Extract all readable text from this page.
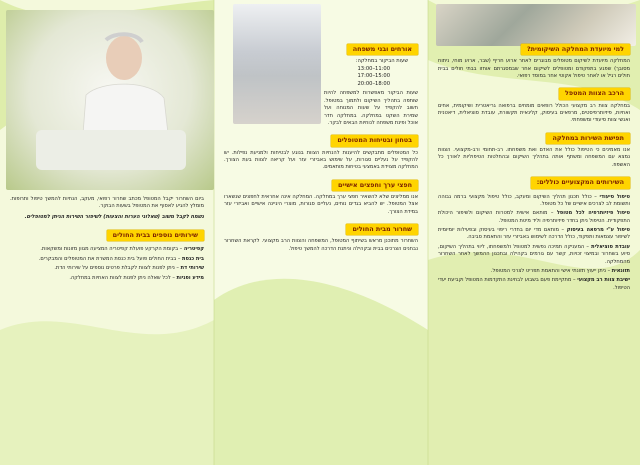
למי מיועדת המחלקה השיקומית?
המחלקה מיועדת לשיקום מטופלים מבוגרים לאחר ארוע חריף (שבר, ארוע מוחי, ניתוח מסובך) שפגע בתפקודם ומטופלים לשיקום אחר שבמסגרתם אוחזו בבתי חולים בבית חולים רגיל או לאחר טיפול אקוטי אחר במוסד רפואי.
הרכב הצוות המטפל
במחלקה צוות רב מקצועי הכולל רופאים מומחים ברפואה גריאטרית ושיקומית, אחים ואחיות, פיזיותרפיסטים, מרפאים בעיסוק, קלינאית תקשורת, עובדת סוציאלית, דיאטנית ואנשי צוות סיעודי ומשפחתי.
תפישת השירות במחלקה
אנו מאמינים כי הטיפול כולל את האדם ואת משפחתו. רב-תחומי ורב-מקצועי. הצוות נמצא עם המשפחה ומשתף אותה בתהליך השיקום ובהחלטות הטיפוליות לאורך כל האשפוז.
השירותים המקצועיים כוללים:
טיפול סיעודי – כולל תכנון תהליך השיקום ומעקב, כולל טיפול מקצועי ברמה גבוהה ותשומת לב לצרכים אישיים של כל מטופל.
טיפול פיזיותרפיה לכל מטופל – מותאם אישית למטרות השיקום ולשיפור היכולת התפקודית. הטיפול ניתן בחדר פיזיותרפיה וליד מיטת המטופל.
טיפול ע"י מרפאה בעיסוק – מותאם מדי יום בחדרי ריפוי בעיסוק ובפעילות יומיומית לשיפור עצמאות ותפקוד, כולל הדרכה לשימוש באביזרי עזר והתאמת סביבה.
עובדת סוציאלית – המעניקה תמיכה נפשית למטופל ולמשפחתו, ליווי בתהליך השיקום, סיוע בשחרור ובמיצוי זכויות, קשר עם גורמים בקהילה ובתכנון ההמשך לאחר השחרור מהמחלקה.
תזונאית – ניתן ייעוץ תזונתי אישי והתאמת תפריט לצרכי המטופל.
ישיבת צוות רב מקצועי – מתקיימת פעם בשבוע לבחינת התקדמות המטופל וקביעת יעדי הטיפול.
אורחים ובני משפחה
שעות הביקור במחלקה:
11:00–13:00
15:00–17:00
18:00–20:00
שעות הביקור מאפשרות למשפחה להיות שותפה בתהליך השיקום ולתמוך במטופל. חשוב להקפיד על שעות המנוחה ועל שמירת השקט במחלקה. במחלקה חדר אוכל ופינת משפחה לנוחיות הבאים לבקר.
בטחון ובטיחות המטופלים
כל המטופלים מתבקשים להיענות להנחיות הצוות בנוגע לבטיחות ולמניעת נפילות. יש להקפיד על נעליים סגורות, על שימוש באביזרי עזר ועל קריאה לצוות בעת הצורך. המחלקה מצוידת באמצעי בטיחות מותאמים.
חפצי ערך וחפצים אישיים
אנו ממליצים שלא להשאיר חפצי ערך במחלקה. המחלקה אינה אחראית לחפצים שנשארו אצל המטופל. יש להביא בגדים נוחים, נעליים סגורות, מוצרי היגיינה אישיים ואביזרי עזר במידת הצורך.
שחרור מבית החולים
השחרור מתוכנן מראש בשיתוף המטופל, המשפחה והצוות הרב מקצועי. לקראת השחרור נבחנים הצרכים בבית ובקהילה וניתנת הדרכה להמשך טיפול.
ביום השחרור יקבל המטופל מכתב שחרור רפואי, מעקב, הנחיות להמשך טיפול ותרופות. מומלץ להגיע לאסוף את המטופל בשעות הבוקר.
נשמח לקבל משוב (שאלוני הערות והצעות) לשיפור השירות הניתן למטופלים.
שירותים נוספים בבית החולים
קפיטריה – בקומת הקרקע פועלת קפיטריה המציעה מגוון מזונות ומשקאות.
בית כנסת – בבית החולים פועל בית כנסת המשרת את המטופלים והמבקרים.
שירותי דת – ניתן לפנות לצוות לקבלת פרטים נוספים על שירותי הדת.
מידע ופניות – לכל שאלה ניתן לפנות לצוות האחיות במחלקה.
